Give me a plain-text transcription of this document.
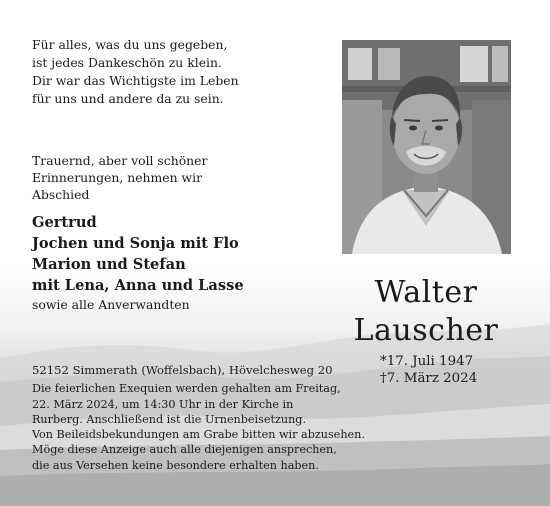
Für alles, was du uns gegeben,
ist jedes Dankeschön zu klein.
Dir war das Wichtigste im Leben
für uns und andere da zu sein.
Trauernd, aber voll schöner
Erinnerungen, nehmen wir
Abschied
Gertrud
Jochen und Sonja mit Flo
Marion und Stefan
mit Lena, Anna und Lasse
sowie alle Anverwandten	Walter
Lauscher
*17. Juli 1947
†7. März 2024
52152 Simmerath (Woffelsbach), Hövelchesweg 20
Die feierlichen Exequien werden gehalten am Freitag,
22. März 2024, um 14:30 Uhr in der Kirche in
Rurberg. Anschließend ist die Urnenbeisetzung.
Von Beileidsbekundungen am Grabe bitten wir abzusehen.
Möge diese Anzeige auch alle diejenigen ansprechen,
die aus Versehen keine besondere erhalten haben.
